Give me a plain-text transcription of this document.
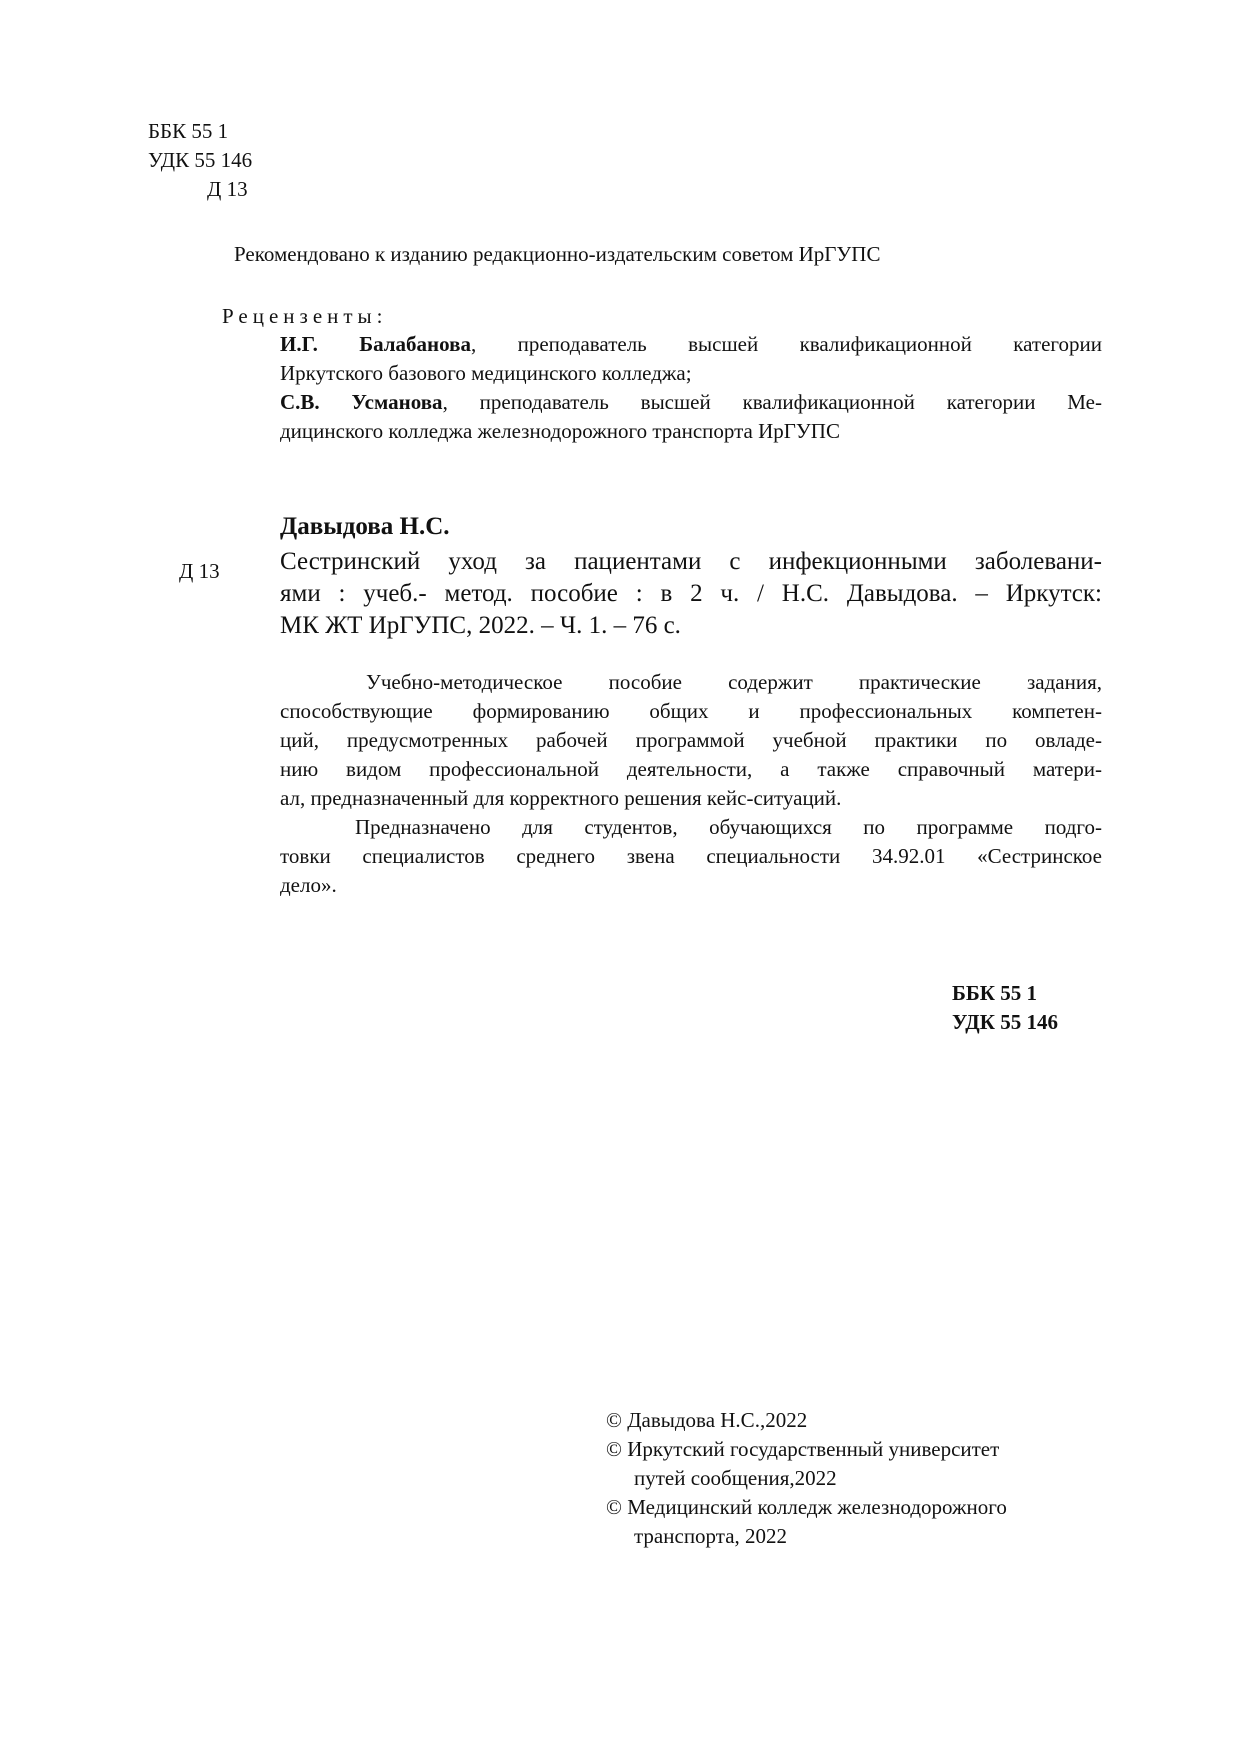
ББК 55 1
УДК 55 146
Д 13
Рекомендовано к изданию редакционно-издательским советом ИрГУПС
Рецензенты:
И.Г. Балабанова, преподаватель высшей квалификационной категории
Иркутского базового медицинского колледжа;
С.В. Усманова, преподаватель высшей квалификационной категории Ме-
дицинского колледжа железнодорожного транспорта ИрГУПС
Давыдова Н.С.
Д 13 Сестринский уход за пациентами с инфекционными заболевани-
ями : учеб.- метод. пособие : в 2 ч. / Н.С. Давыдова. – Иркутск:
МК ЖТ ИрГУПС, 2022. – Ч. 1. – 76 с.
Учебно-методическое пособие содержит практические задания,
способствующие формированию общих и профессиональных компетен-
ций, предусмотренных рабочей программой учебной практики по овладе-
нию видом профессиональной деятельности, а также справочный матери-
ал, предназначенный для корректного решения кейс-ситуаций.
Предназначено для студентов, обучающихся по программе подго-
товки специалистов среднего звена специальности 34.92.01 «Сестринское
дело».
ББК 55 1
УДК 55 146
© Давыдова Н.С.,2022
© Иркутский государственный университет
путей сообщения,2022
© Медицинский колледж железнодорожного
транспорта, 2022
